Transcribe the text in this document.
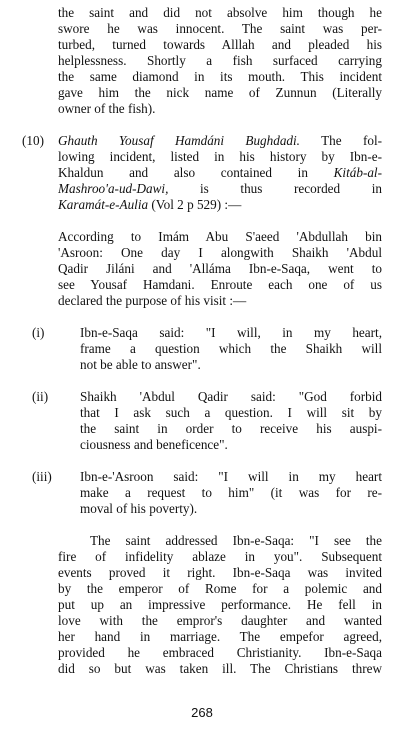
the saint and did not absolve him though he
swore he was innocent. The saint was per-
turbed, turned towards Alllah and pleaded his
helplessness. Shortly a fish surfaced carrying
the same diamond in its mouth. This incident
gave him the nick name of Zunnun (Literally
owner of the fish).
(10) Ghauth Yousaf Hamdáni Bughdadi. The fol-
lowing incident, listed in his history by Ibn-e-
Khaldun and also contained in Kitáb-al-
Mashroo'a-ud-Dawi, is thus recorded in
Karamát-e-Aulia (Vol 2 p 529) :—
According to Imám Abu S'aeed 'Abdullah bin
'Asroon: One day I alongwith Shaikh 'Abdul
Qadir Jiláni and 'Alláma Ibn-e-Saqa, went to
see Yousaf Hamdani. Enroute each one of us
declared the purpose of his visit :—
(i)	Ibn-e-Saqa said: "I will, in my heart,
frame a question which the Shaikh will
not be able to answer".
(ii) Shaikh 'Abdul Qadir said: "God forbid
that I ask such a question. I will sit by
the saint in order to receive his auspi-
ciousness and beneficence".
(iii) Ibn-e-'Asroon said: "I will in my heart
make a request to him" (it was for re-
moval of his poverty).
The saint addressed Ibn-e-Saqa: "I see the
fire of infidelity ablaze in you". Subsequent
events proved it right. Ibn-e-Saqa was invited
by the emperor of Rome for a polemic and
put up an impressive performance. He fell in
love with the empror's daughter and wanted
her hand in marriage. The empefor agreed,
provided he embraced Christianity. Ibn-e-Saqa
did so but was taken ill. The Christians threw
268
